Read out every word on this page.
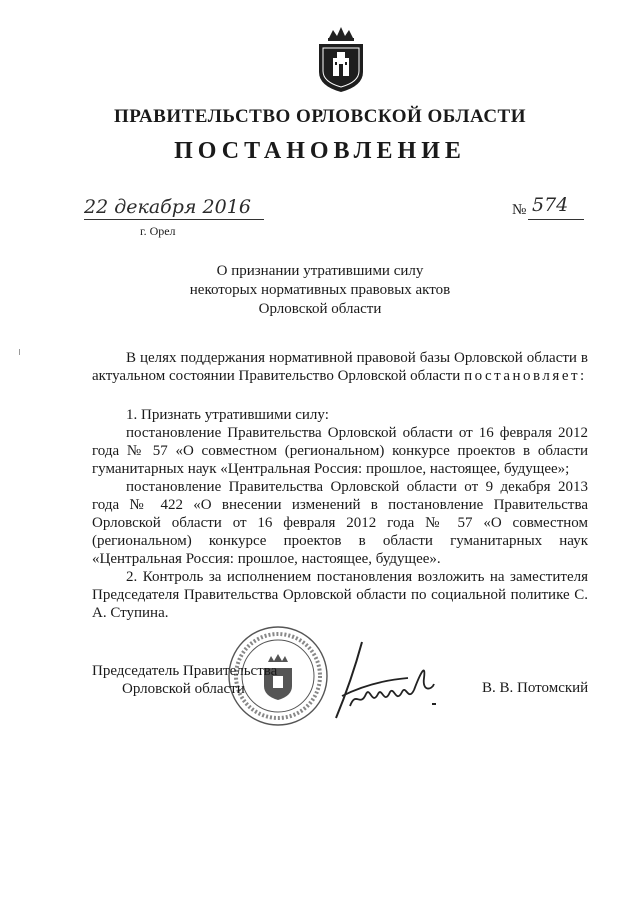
ПРАВИТЕЛЬСТВО ОРЛОВСКОЙ ОБЛАСТИ
ПОСТАНОВЛЕНИЕ
22 декабря 2016
г. Орел
№ 574
О признании утратившими силу
некоторых нормативных правовых актов
Орловской области

В целях поддержания нормативной правовой базы Орловской области в актуальном состоянии Правительство Орловской области постановляет:

1. Признать утратившими силу:

постановление Правительства Орловской области от 16 февраля 2012 года № 57 «О совместном (региональном) конкурсе проектов в области гуманитарных наук «Центральная Россия: прошлое, настоящее, будущее»;

постановление Правительства Орловской области от 9 декабря 2013 года № 422 «О внесении изменений в постановление Правительства Орловской области от 16 февраля 2012 года № 57 «О совместном (региональном) конкурсе проектов в области гуманитарных наук «Центральная Россия: прошлое, настоящее, будущее».

2. Контроль за исполнением постановления возложить на заместителя Председателя Правительства Орловской области по социальной политике С. А. Ступина.

Председатель Правительства
Орловской области	В. В. Потомский
